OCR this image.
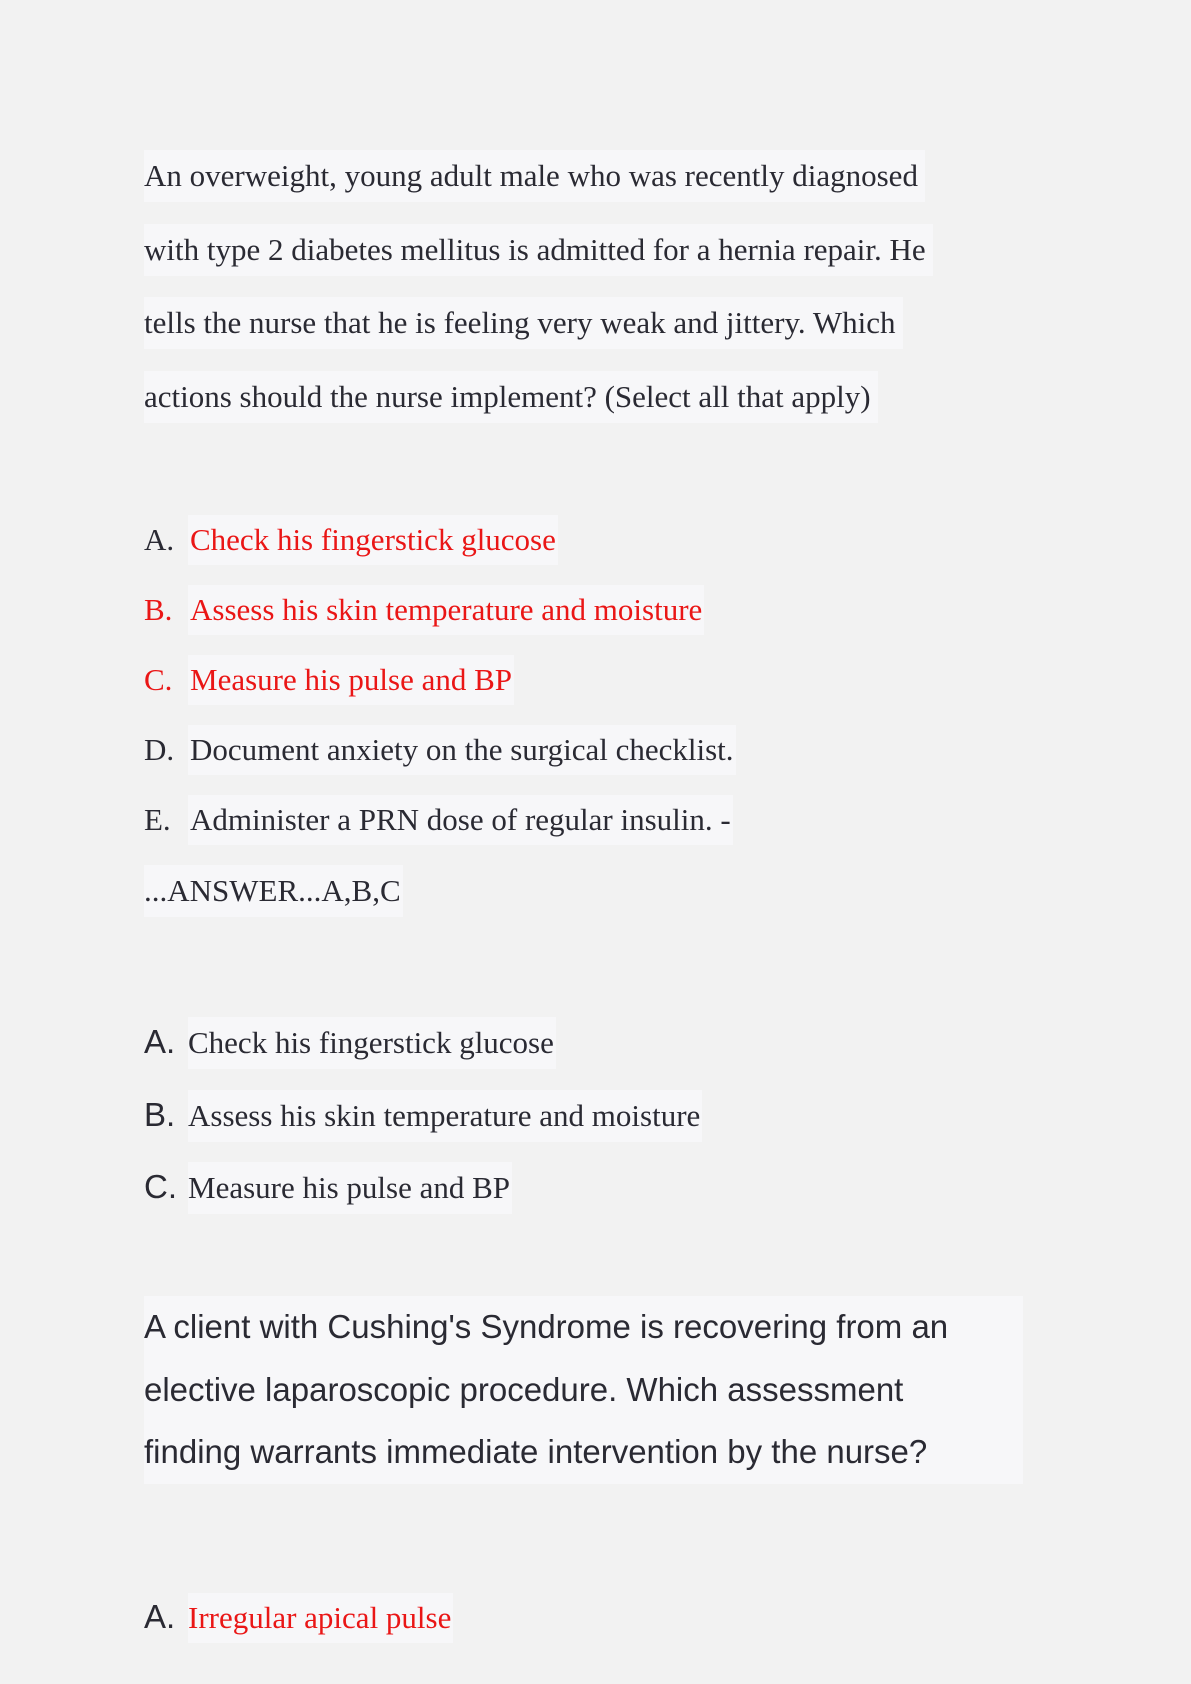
An overweight, young adult male who was recently diagnosed
with type 2 diabetes mellitus is admitted for a hernia repair. He
tells the nurse that he is feeling very weak and jittery. Which
actions should the nurse implement? (Select all that apply)
A. Check his fingerstick glucose
B. Assess his skin temperature and moisture
C. Measure his pulse and BP
D. Document anxiety on the surgical checklist.
E. Administer a PRN dose of regular insulin. -
...ANSWER...A,B,C
A. Check his fingerstick glucose
B. Assess his skin temperature and moisture
C. Measure his pulse and BP
A client with Cushing's Syndrome is recovering from an
elective laparoscopic procedure. Which assessment
finding warrants immediate intervention by the nurse?
A. Irregular apical pulse
